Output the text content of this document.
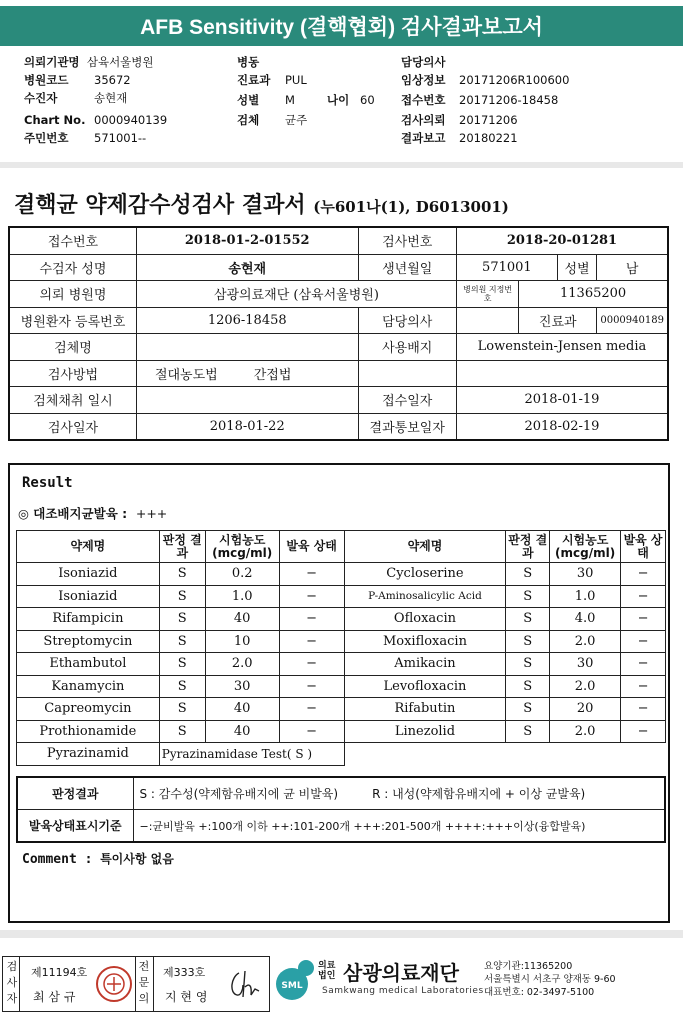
AFB Sensitivity (결핵협회) 검사결과보고서
의뢰기관명 삼육서울병원
병원코드 35672
수진자	송현재
Chart No. 0000940139
주민번호 571001--
병동
진료과 PUL
성별 M
검체 균주
나이 60
담당의사
임상정보 20171206R100600
접수번호 20171206-18458
검사의뢰 20171206
결과보고 20180221
결핵균 약제감수성검사 결과서 (누601나(1), D6013001)
접수번호	2018-01-2-01552	검사번호	2018-20-01281			
수검자 성명	송현재	생년월일	571001		성별	남
의뢰 병원명	삼광의료재단 (삼육서울병원)		병의원 지정번호	11365200		
병원환자 등록번호	1206-18458	담당의사		진료과		0000940189
검체명		사용배지	Lowenstein-Jensen media			
검사방법	절대농도법 간접법					
검체채취 일시		접수일자	2018-01-19			
검사일자	2018-01-22	결과통보일자	2018-02-19			
Result
◎ 대조배지균발육 : +++
약제명	판정 결과	시험농도 (mcg/ml)	발육 상태	약제명	판정 결과	시험농도 (mcg/ml)	발육 상태
Isoniazid	S	0.2	−	Cycloserine	S	30	−
Isoniazid	S	1.0	−	P-Aminosalicylic Acid	S	1.0	−
Rifampicin	S	40	−	Ofloxacin	S	4.0	−
Streptomycin	S	10	−	Moxifloxacin	S	2.0	−
Ethambutol	S	2.0	−	Amikacin	S	30	−
Kanamycin	S	30	−	Levofloxacin	S	2.0	−
Capreomycin	S	40	−	Rifabutin	S	20	−
Prothionamide	S	40	−	Linezolid	S	2.0	−
Pyrazinamid	Pyrazinamidase Test( S )						
판정결과	S : 감수성(약제함유배지에 균 비발육) R : 내성(약제함유배지에 + 이상 균발육)
발육상태표시기준	−:균비발육 +:100개 이하 ++:101-200개 +++:201-500개 ++++:+++이상(융합발육)
Comment : 특이사항 없음
검사자
제11194호
최 삼 규
전문의
제333호
지 현 영
SML
의료법인 삼광의료재단
Samkwang medical Laboratories
요양기관:11365200
서울특별시 서초구 양재동 9-60
대표번호: 02-3497-5100
